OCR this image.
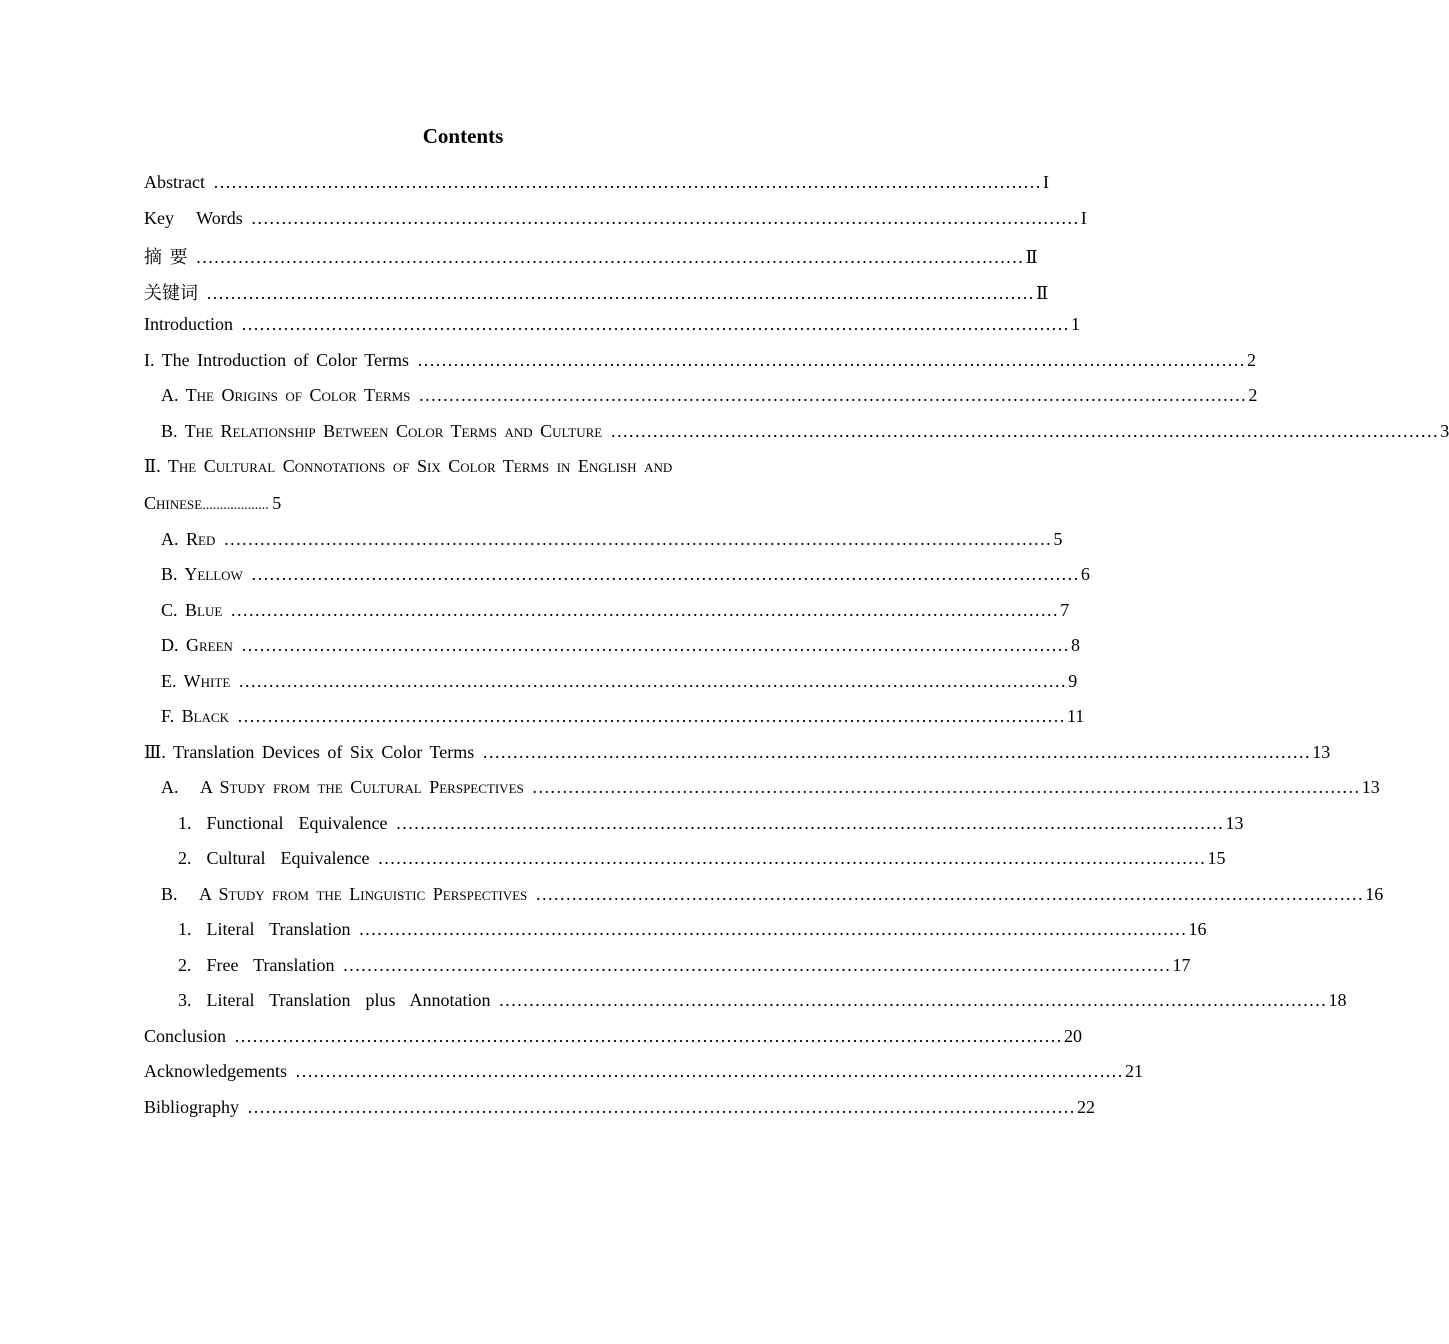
Contents
Abstract ………………………………………………………………………………………………………………………… I
Key   Words ………………………………………………………………………………………………………………………… I
摘 要 ………………………………………………………………………………………………………………………… Ⅱ
关键词 ………………………………………………………………………………………………………………………… Ⅱ
Introduction ………………………………………………………………………………………………………………………… 1
I. The Introduction of Color Terms ………………………………………………………………………………………………………………………… 2
A. The Origins of Color Terms ………………………………………………………………………………………………………………………… 2
B. The Relationship Between Color Terms and Culture ………………………………………………………………………………………………………………………… 3
Ⅱ. The Cultural Connotations of Six Color Terms in English and
Chinese ................... 5
A. Red ………………………………………………………………………………………………………………………… 5
B. Yellow ………………………………………………………………………………………………………………………… 6
C. Blue ………………………………………………………………………………………………………………………… 7
D. Green ………………………………………………………………………………………………………………………… 8
E. White ………………………………………………………………………………………………………………………… 9
F. Black ………………………………………………………………………………………………………………………… 11
Ⅲ. Translation Devices of Six Color Terms ………………………………………………………………………………………………………………………… 13
A.   A Study from the Cultural Perspectives ………………………………………………………………………………………………………………………… 13
1.  Functional  Equivalence ………………………………………………………………………………………………………………………… 13
2.  Cultural  Equivalence ………………………………………………………………………………………………………………………… 15
B.   A Study from the Linguistic Perspectives ………………………………………………………………………………………………………………………… 16
1.  Literal  Translation ………………………………………………………………………………………………………………………… 16
2.  Free  Translation ………………………………………………………………………………………………………………………… 17
3.  Literal  Translation  plus  Annotation ………………………………………………………………………………………………………………………… 18
Conclusion ………………………………………………………………………………………………………………………… 20
Acknowledgements ………………………………………………………………………………………………………………………… 21
Bibliography ………………………………………………………………………………………………………………………… 22
